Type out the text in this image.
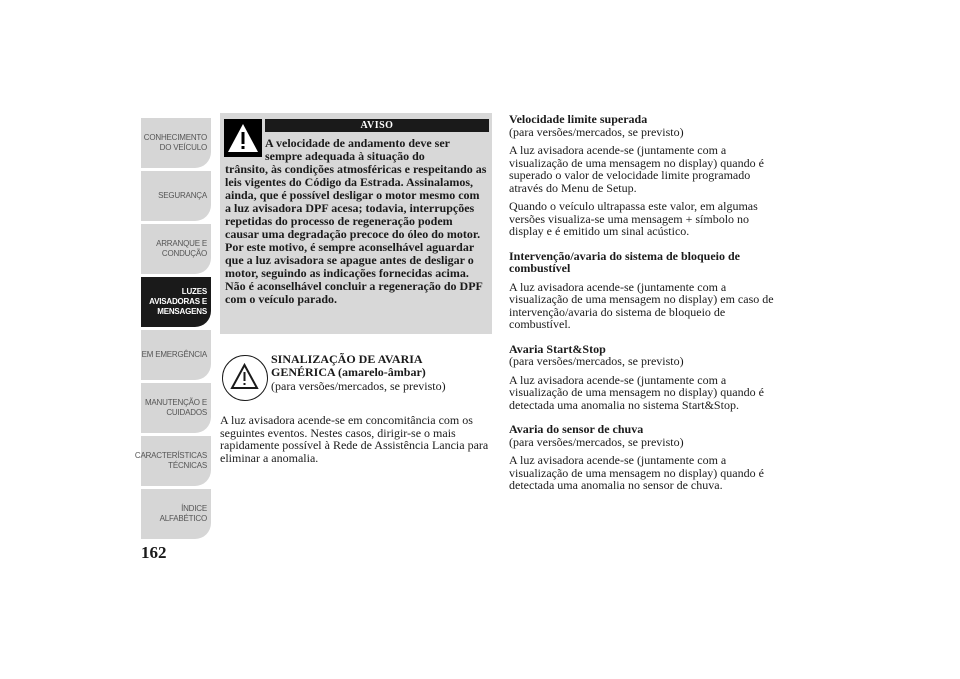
CONHECIMENTO
DO VEÍCULO
SEGURANÇA
ARRANQUE E
CONDUÇÃO
LUZES
AVISADORAS E
MENSAGENS
EM EMERGÊNCIA
MANUTENÇÃO E
CUIDADOS
CARACTERÍSTICAS
TÉCNICAS
ÍNDICE
ALFABÉTICO
162
AVISO
A velocidade de andamento deve ser sempre adequada à situação do
trânsito, às condições atmosféricas e respeitando as leis vigentes do Código da Estrada. Assinalamos, ainda, que é possível desligar o motor mesmo com a luz avisadora DPF acesa; todavia, interrupções repetidas do processo de regeneração podem causar uma degradação precoce do óleo do motor. Por este motivo, é sempre aconselhável aguardar que a luz avisadora se apague antes de desligar o motor, seguindo as indicações fornecidas acima. Não é aconselhável concluir a regeneração do DPF com o veículo parado.
SINALIZAÇÃO DE AVARIA GENÉRICA (amarelo-âmbar)
(para versões/mercados, se previsto)
A luz avisadora acende-se em concomitância com os seguintes eventos. Nestes casos, dirigir-se o mais rapidamente possível à Rede de Assistência Lancia para eliminar a anomalia.
Velocidade limite superada

(para versões/mercados, se previsto)

A luz avisadora acende-se (juntamente com a visualização de uma mensagem no display) quando é superado o valor de velocidade limite programado através do Menu de Setup.

Quando o veículo ultrapassa este valor, em algumas versões visualiza-se uma mensagem + símbolo no display e é emitido um sinal acústico.

Intervenção/avaria do sistema de bloqueio de combustível

A luz avisadora acende-se (juntamente com a visualização de uma mensagem no display) em caso de intervenção/avaria do sistema de bloqueio de combustível.

Avaria Start&Stop

(para versões/mercados, se previsto)

A luz avisadora acende-se (juntamente com a visualização de uma mensagem no display) quando é detectada uma anomalia no sistema Start&Stop.

Avaria do sensor de chuva

(para versões/mercados, se previsto)

A luz avisadora acende-se (juntamente com a visualização de uma mensagem no display) quando é detectada uma anomalia no sensor de chuva.
